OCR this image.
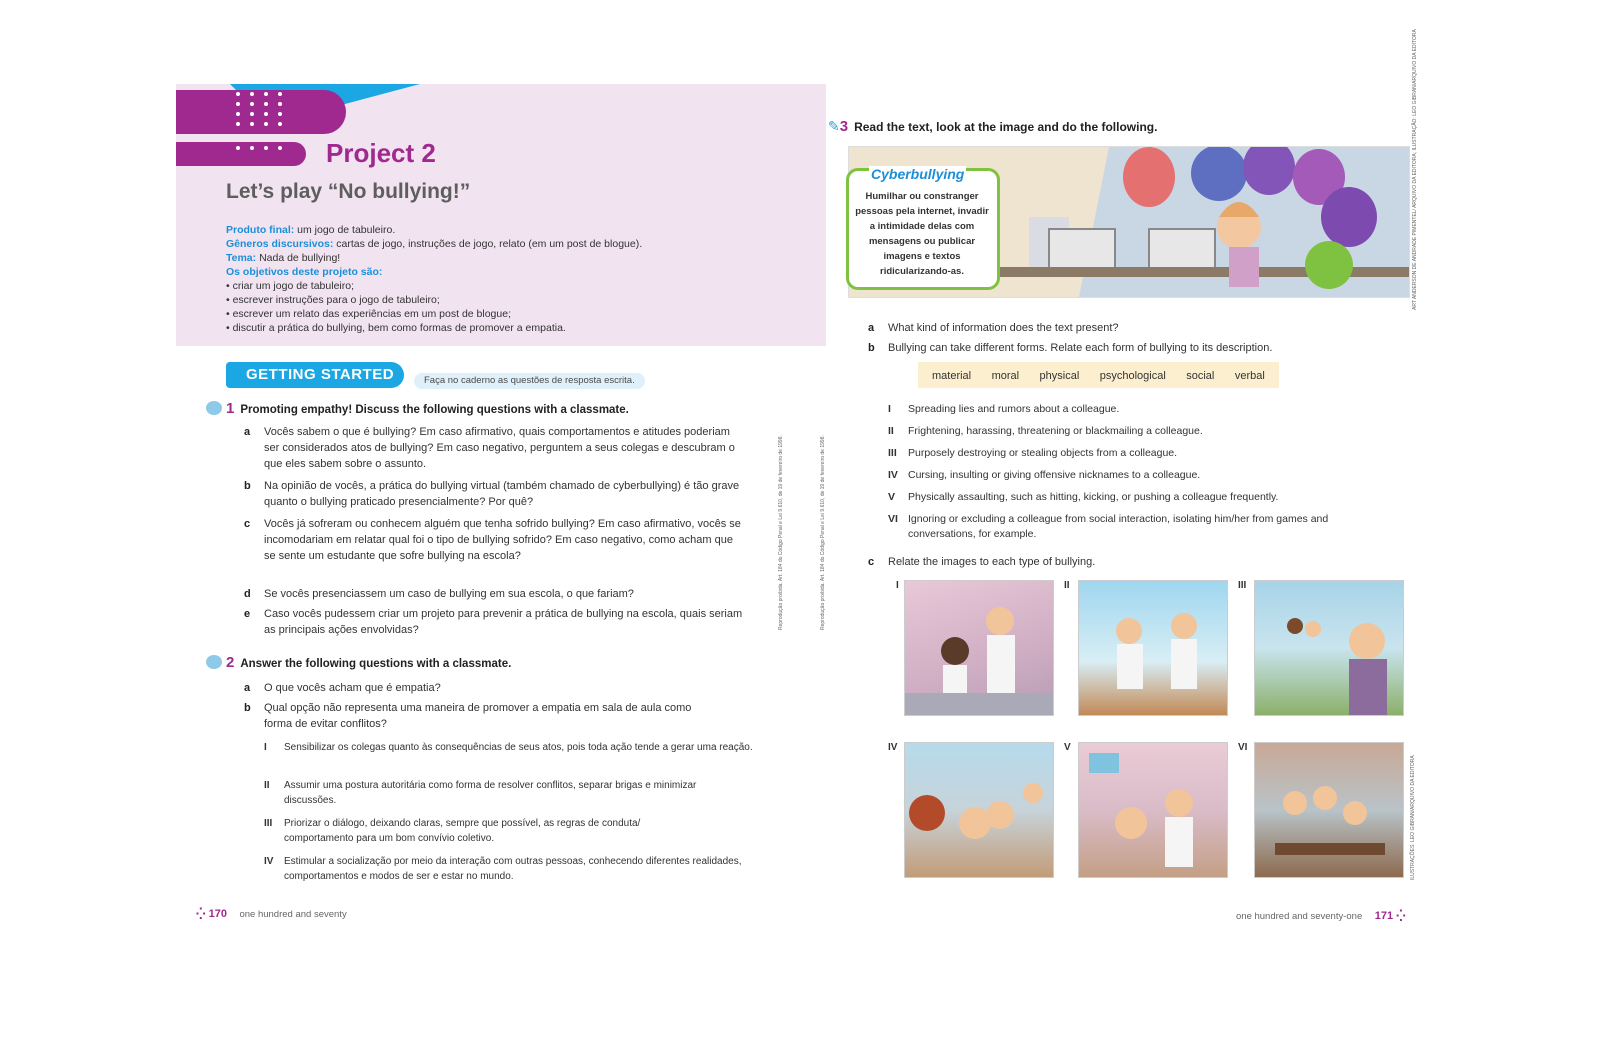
Project 2
Let’s play “No bullying!”
Produto final: um jogo de tabuleiro.
Gêneros discursivos: cartas de jogo, instruções de jogo, relato (em um post de blogue).
Tema: Nada de bullying!
Os objetivos deste projeto são:
• criar um jogo de tabuleiro;
• escrever instruções para o jogo de tabuleiro;
• escrever um relato das experiências em um post de blogue;
• discutir a prática do bullying, bem como formas de promover a empatia.
GETTING STARTED	Faça no caderno as questões de resposta escrita.
1 Promoting empathy! Discuss the following questions with a classmate.
a Vocês sabem o que é bullying? Em caso afirmativo, quais comportamentos e atitudes poderiam ser considerados atos de bullying? Em caso negativo, perguntem a seus colegas e descubram o que eles sabem sobre o assunto.
b Na opinião de vocês, a prática do bullying virtual (também chamado de cyberbullying) é tão grave quanto o bullying praticado presencialmente? Por quê?
c Vocês já sofreram ou conhecem alguém que tenha sofrido bullying? Em caso afirmativo, vocês se incomodariam em relatar qual foi o tipo de bullying sofrido? Em caso negativo, como acham que se sente um estudante que sofre bullying na escola?
d Se vocês presenciassem um caso de bullying em sua escola, o que fariam?
e Caso vocês pudessem criar um projeto para prevenir a prática de bullying na escola, quais seriam as principais ações envolvidas?
2 Answer the following questions with a classmate.
a O que vocês acham que é empatia?
b Qual opção não representa uma maneira de promover a empatia em sala de aula como forma de evitar conflitos?
I Sensibilizar os colegas quanto às consequências de seus atos, pois toda ação tende a gerar uma reação.
II Assumir uma postura autoritária como forma de resolver conflitos, separar brigas e minimizar discussões.
III Priorizar o diálogo, deixando claras, sempre que possível, as regras de conduta/ comportamento para um bom convívio coletivo.
IV Estimular a socialização por meio da interação com outras pessoas, conhecendo diferentes realidades, comportamentos e modos de ser e estar no mundo.
Reprodução proibida. Art. 184 do Código Penal e Lei 9.610, de 19 de fevereiro de 1998.	Reprodução proibida. Art. 184 do Código Penal e Lei 9.610, de 19 de fevereiro de 1998.
⁛ 170 one hundred and seventy
✎3 Read the text, look at the image and do the following.
Cyberbullying
Humilhar ou constranger pessoas pela internet, invadir a intimidade delas com mensagens ou publicar imagens e textos ridicularizando-as.	ART ANDERSON DE ANDRADE PIMENTEL/ ARQUIVO DA EDITORA; ILUSTRAÇÃO: LEO GIBRAN/ARQUIVO DA EDITORA
a What kind of information does the text present?
b Bullying can take different forms. Relate each form of bullying to its description.
material moral physical psychological social verbal
I Spreading lies and rumors about a colleague.
II Frightening, harassing, threatening or blackmailing a colleague.
III Purposely destroying or stealing objects from a colleague.
IV Cursing, insulting or giving offensive nicknames to a colleague.
V Physically assaulting, such as hitting, kicking, or pushing a colleague frequently.
VI Ignoring or excluding a colleague from social interaction, isolating him/her from games and conversations, for example.
c Relate the images to each type of bullying.
I	II	III
IV	V	VI
ILUSTRAÇÕES: LEO GIBRAN/ARQUIVO DA EDITORA
one hundred and seventy-one 171 ⁛
